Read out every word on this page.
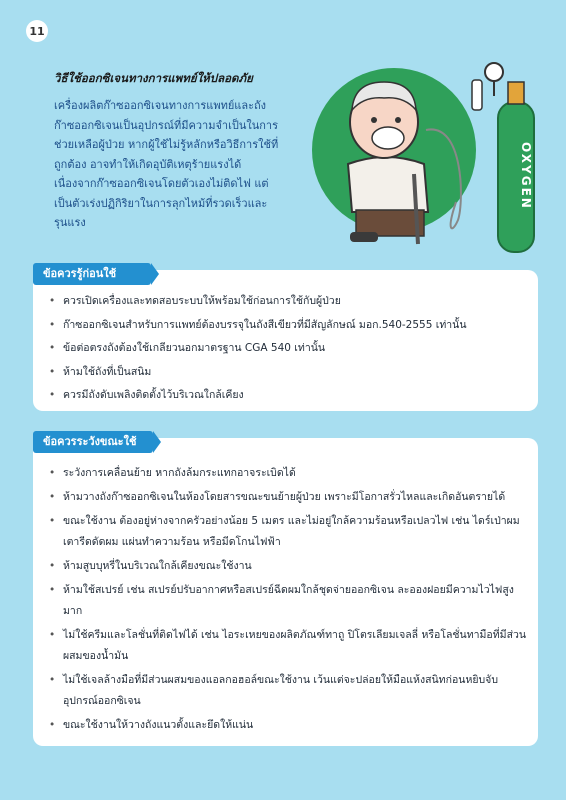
11
วิธีใช้ออกซิเจนทางการแพทย์ให้ปลอดภัย
เครื่องผลิตก๊าซออกซิเจนทางการแพทย์และถังก๊าซออกซิเจนเป็นอุปกรณ์ที่มีความจำเป็นในการช่วยเหลือผู้ป่วย หากผู้ใช้ไม่รู้หลักหรือวิธีการใช้ที่ถูกต้อง อาจทำให้เกิดอุบัติเหตุร้ายแรงได้ เนื่องจากก๊าซออกซิเจนโดยตัวเองไม่ติดไฟ แต่เป็นตัวเร่งปฏิกิริยาในการลุกไหม้ที่รวดเร็วและรุนแรง
OXYGEN
ข้อควรรู้ก่อนใช้
• ควรเปิดเครื่องและทดสอบระบบให้พร้อมใช้ก่อนการใช้กับผู้ป่วย
• ก๊าซออกซิเจนสำหรับการแพทย์ต้องบรรจุในถังสีเขียวที่มีสัญลักษณ์ มอก.540-2555 เท่านั้น
• ข้อต่อตรงถังต้องใช้เกลียวนอกมาตรฐาน CGA 540 เท่านั้น
• ห้ามใช้ถังที่เป็นสนิม
• ควรมีถังดับเพลิงติดตั้งไว้บริเวณใกล้เคียง
ข้อควรระวังขณะใช้
• ระวังการเคลื่อนย้าย หากถังล้มกระแทกอาจระเบิดได้
• ห้ามวางถังก๊าซออกซิเจนในห้องโดยสารขณะขนย้ายผู้ป่วย เพราะมีโอกาสรั่วไหลและเกิดอันตรายได้
• ขณะใช้งาน ต้องอยู่ห่างจากครัวอย่างน้อย 5 เมตร และไม่อยู่ใกล้ความร้อนหรือเปลวไฟ เช่น ไดร์เป่าผม เตารีดดัดผม แผ่นทำความร้อน หรือมีดโกนไฟฟ้า
• ห้ามสูบบุหรี่ในบริเวณใกล้เคียงขณะใช้งาน
• ห้ามใช้สเปรย์ เช่น สเปรย์ปรับอากาศหรือสเปรย์ฉีดผมใกล้ชุดจ่ายออกซิเจน ละอองฝอยมีความไวไฟสูงมาก
• ไม่ใช้ครีมและโลชั่นที่ติดไฟได้ เช่น ไอระเหยของผลิตภัณฑ์ทาถู ปิโตรเลียมเจลลี่ หรือโลชั่นทามือที่มีส่วนผสมของน้ำมัน
• ไม่ใช้เจลล้างมือที่มีส่วนผสมของแอลกอฮอล์ขณะใช้งาน เว้นแต่จะปล่อยให้มือแห้งสนิทก่อนหยิบจับอุปกรณ์ออกซิเจน
• ขณะใช้งานให้วางถังแนวตั้งและยึดให้แน่น
